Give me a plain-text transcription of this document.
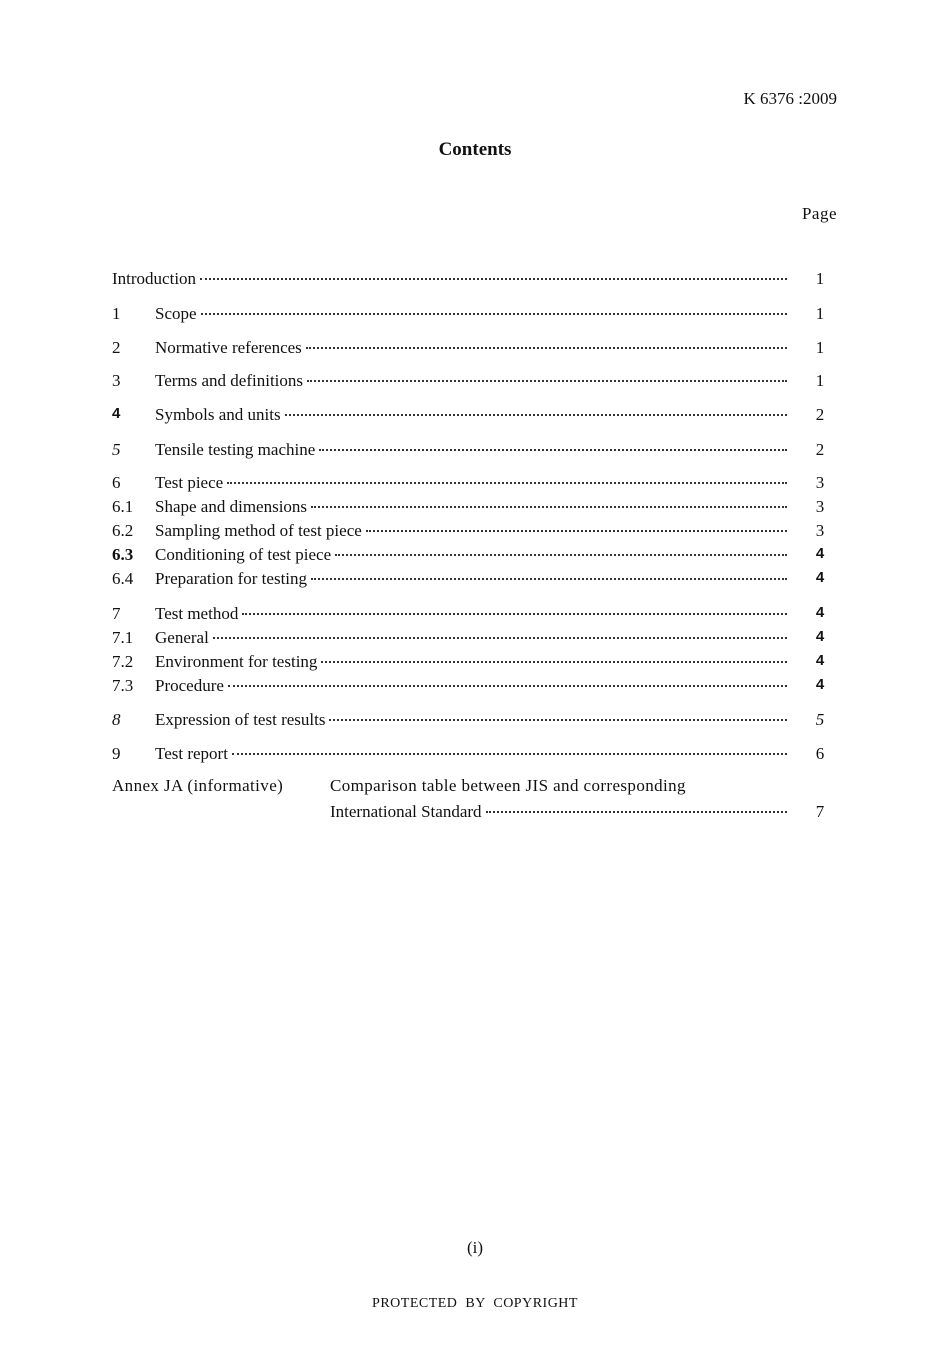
K 6376 :2009
Contents
Page
Introduction	1
1 Scope	1
2 Normative references	1
3 Terms and definitions	1
4 Symbols and units	2
5 Tensile testing machine	2
6 Test piece	3
6.1 Shape and dimensions	3
6.2 Sampling method of test piece	3
6.3 Conditioning of test piece	4
6.4 Preparation for testing	4
7 Test method	4
7.1 General	4
7.2 Environment for testing	4
7.3 Procedure	4
8 Expression of test results	5
9 Test report	6
Annex JA (informative)	Comparison table between JIS and corresponding
International Standard	7
(i)
PROTECTED BY COPYRIGHT
